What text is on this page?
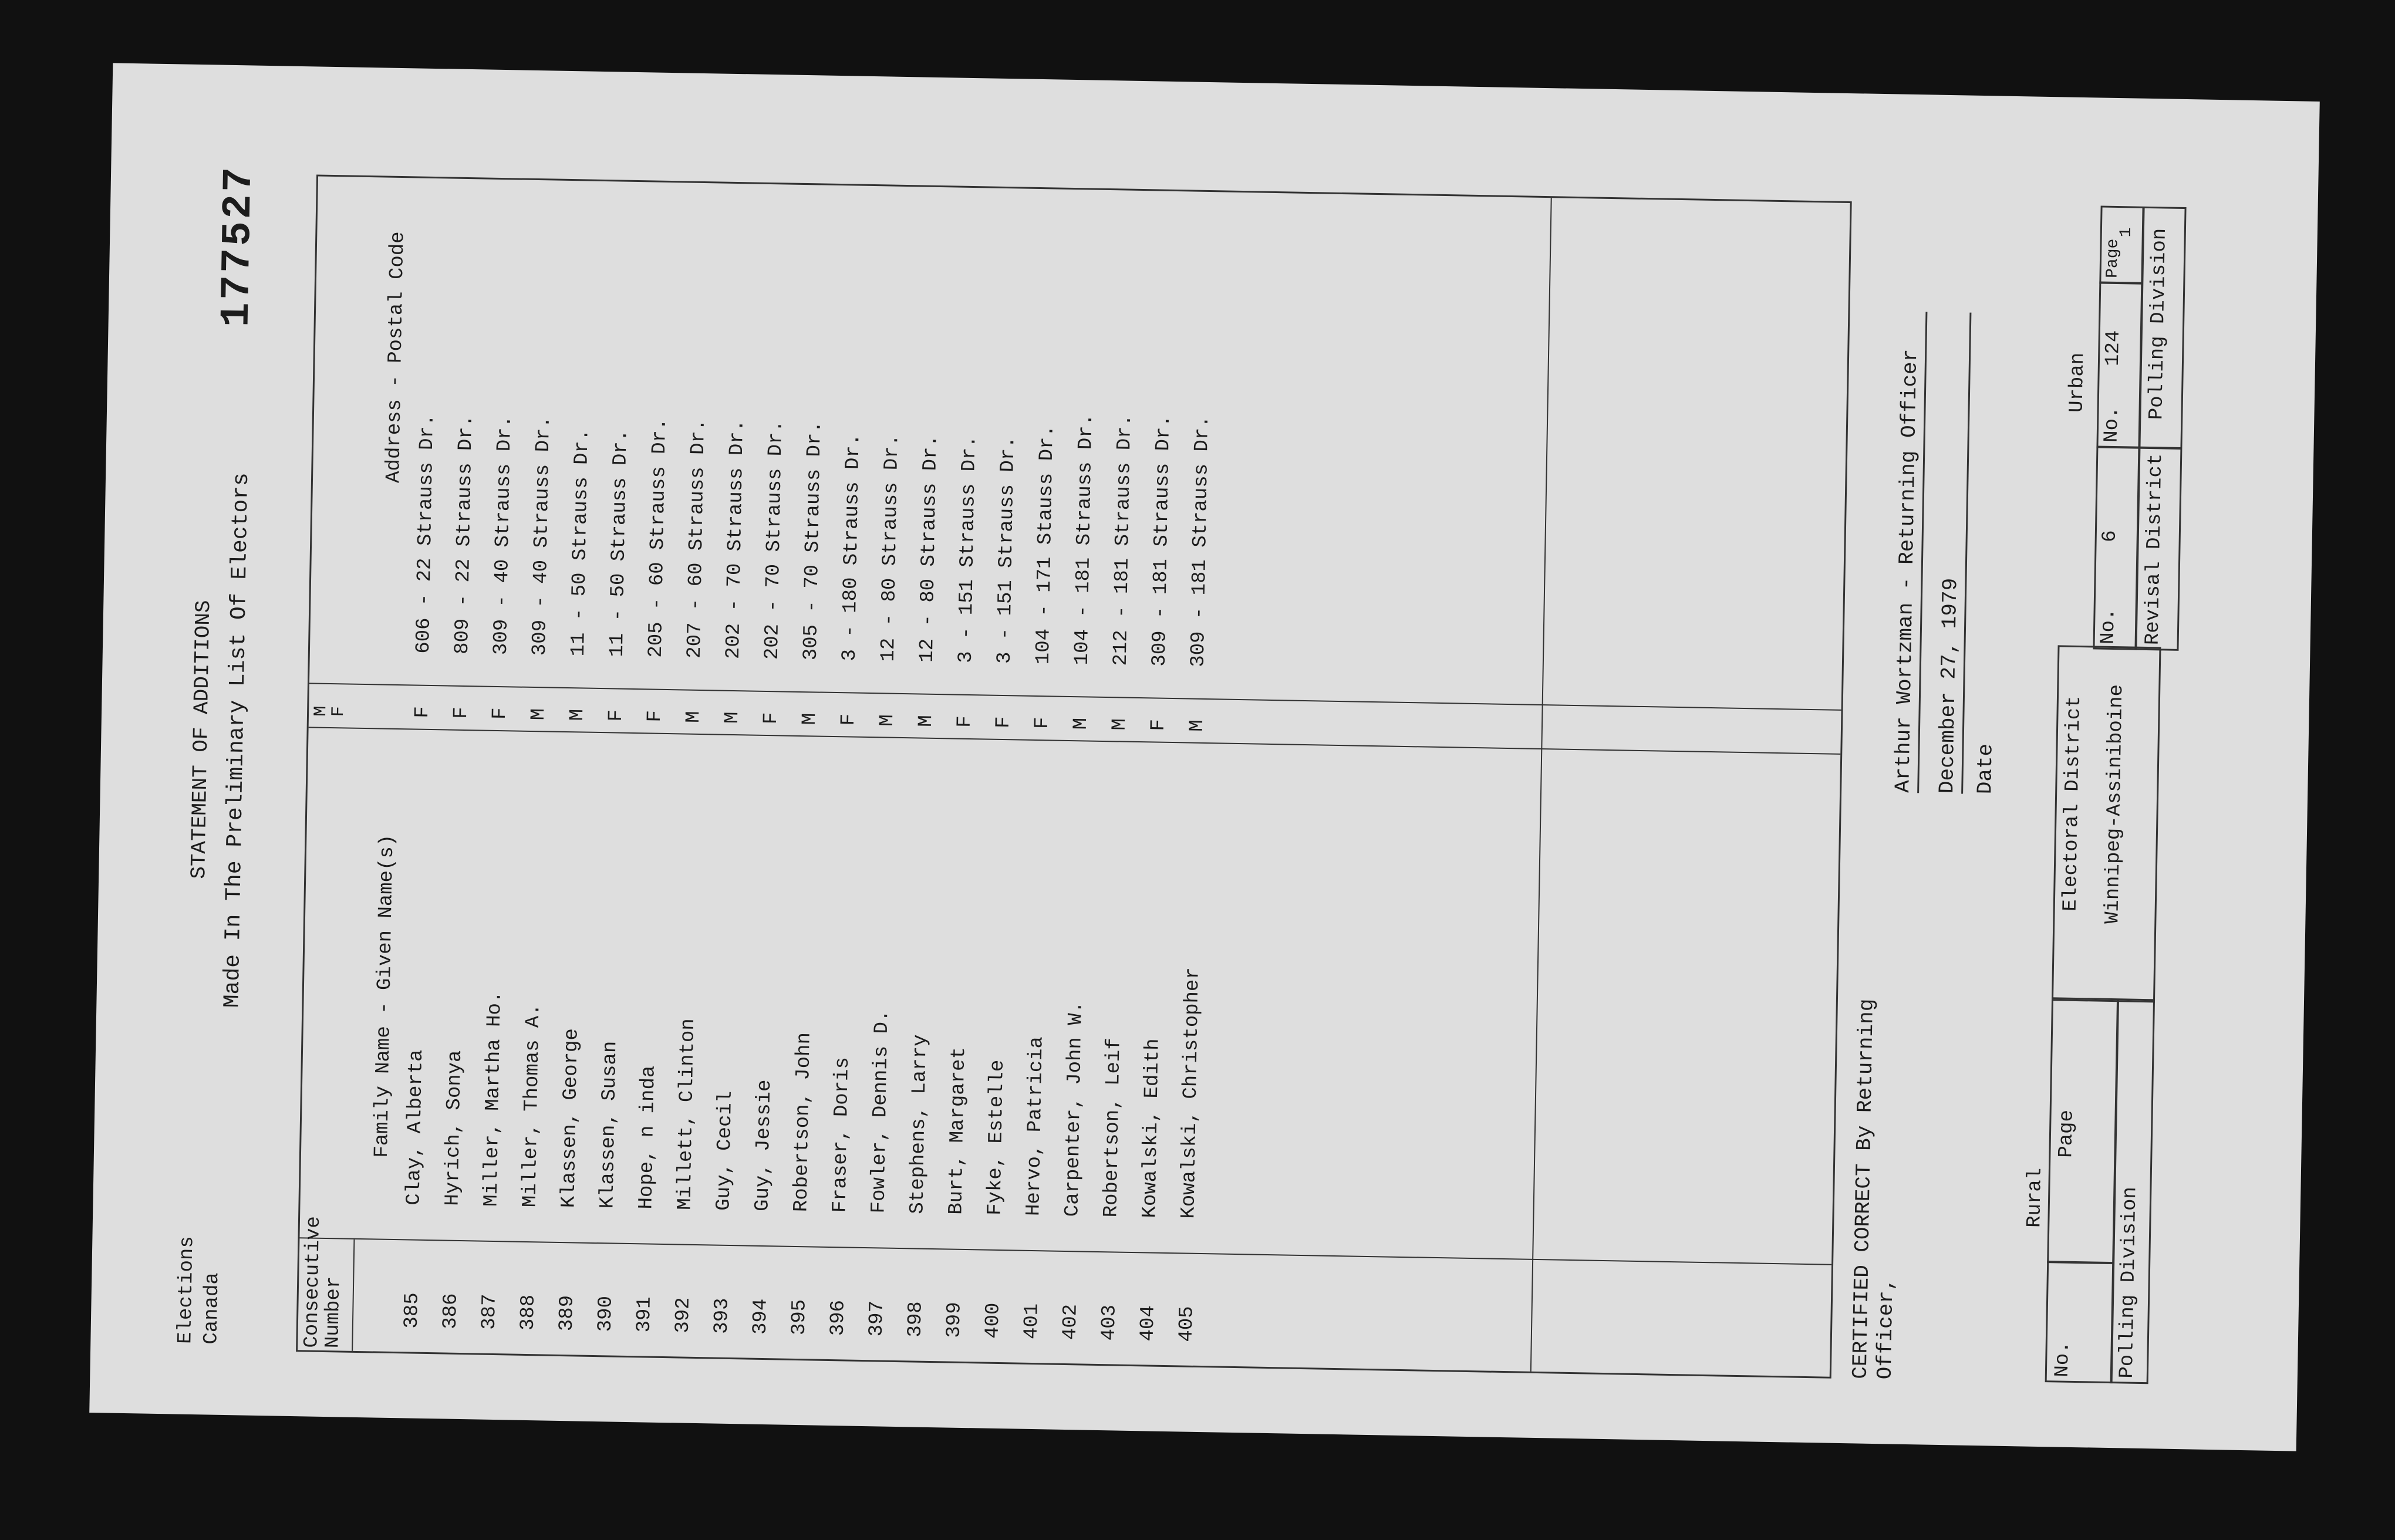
Elections Canada
STATEMENT OF ADDITIONS Made In The Preliminary List Of Electors
177527
Consecutive
Number
Family Name - Given Name(s)
M
F
Address - Postal Code
385
Clay, Alberta
F
606 - 22 Strauss Dr.
386
Hyrich, Sonya
F
809 - 22 Strauss Dr.
387
Miller, Martha Ho.
F
309 - 40 Strauss Dr.
388
Miller, Thomas A.
M
309 - 40 Strauss Dr.
389
Klassen, George
M
11 - 50 Strauss Dr.
390
Klassen, Susan
F
11 - 50 Strauss Dr.
391
Hope, n inda
F
205 - 60 Strauss Dr.
392
Millett, Clinton
M
207 - 60 Strauss Dr.
393
Guy, Cecil
M
202 - 70 Strauss Dr.
394
Guy, Jessie
F
202 - 70 Strauss Dr.
395
Robertson, John
M
305 - 70 Strauss Dr.
396
Fraser, Doris
F
3 - 180 Strauss Dr.
397
Fowler, Dennis D.
M
12 - 80 Strauss Dr.
398
Stephens, Larry
M
12 - 80 Strauss Dr.
399
Burt, Margaret
F
3 - 151 Strauss Dr.
400
Fyke, Estelle
F
3 - 151 Strauss Dr.
401
Hervo, Patricia
F
104 - 171 Stauss Dr.
402
Carpenter, John W.
M
104 - 181 Strauss Dr.
403
Robertson, Leif
M
212 - 181 Strauss Dr.
404
Kowalski, Edith
F
309 - 181 Strauss Dr.
405
Kowalski, Christopher
M
309 - 181 Strauss Dr.
CERTIFIED CORRECT By Returning
Officer,
Arthur Wortzman - Returning Officer December 27, 1979 Date
Rural
No.
Page
Polling Division
Electoral District Winnipeg-Assiniboine
Urban
No.
6
No.
124
Page
1
Revisal District
Polling Division
